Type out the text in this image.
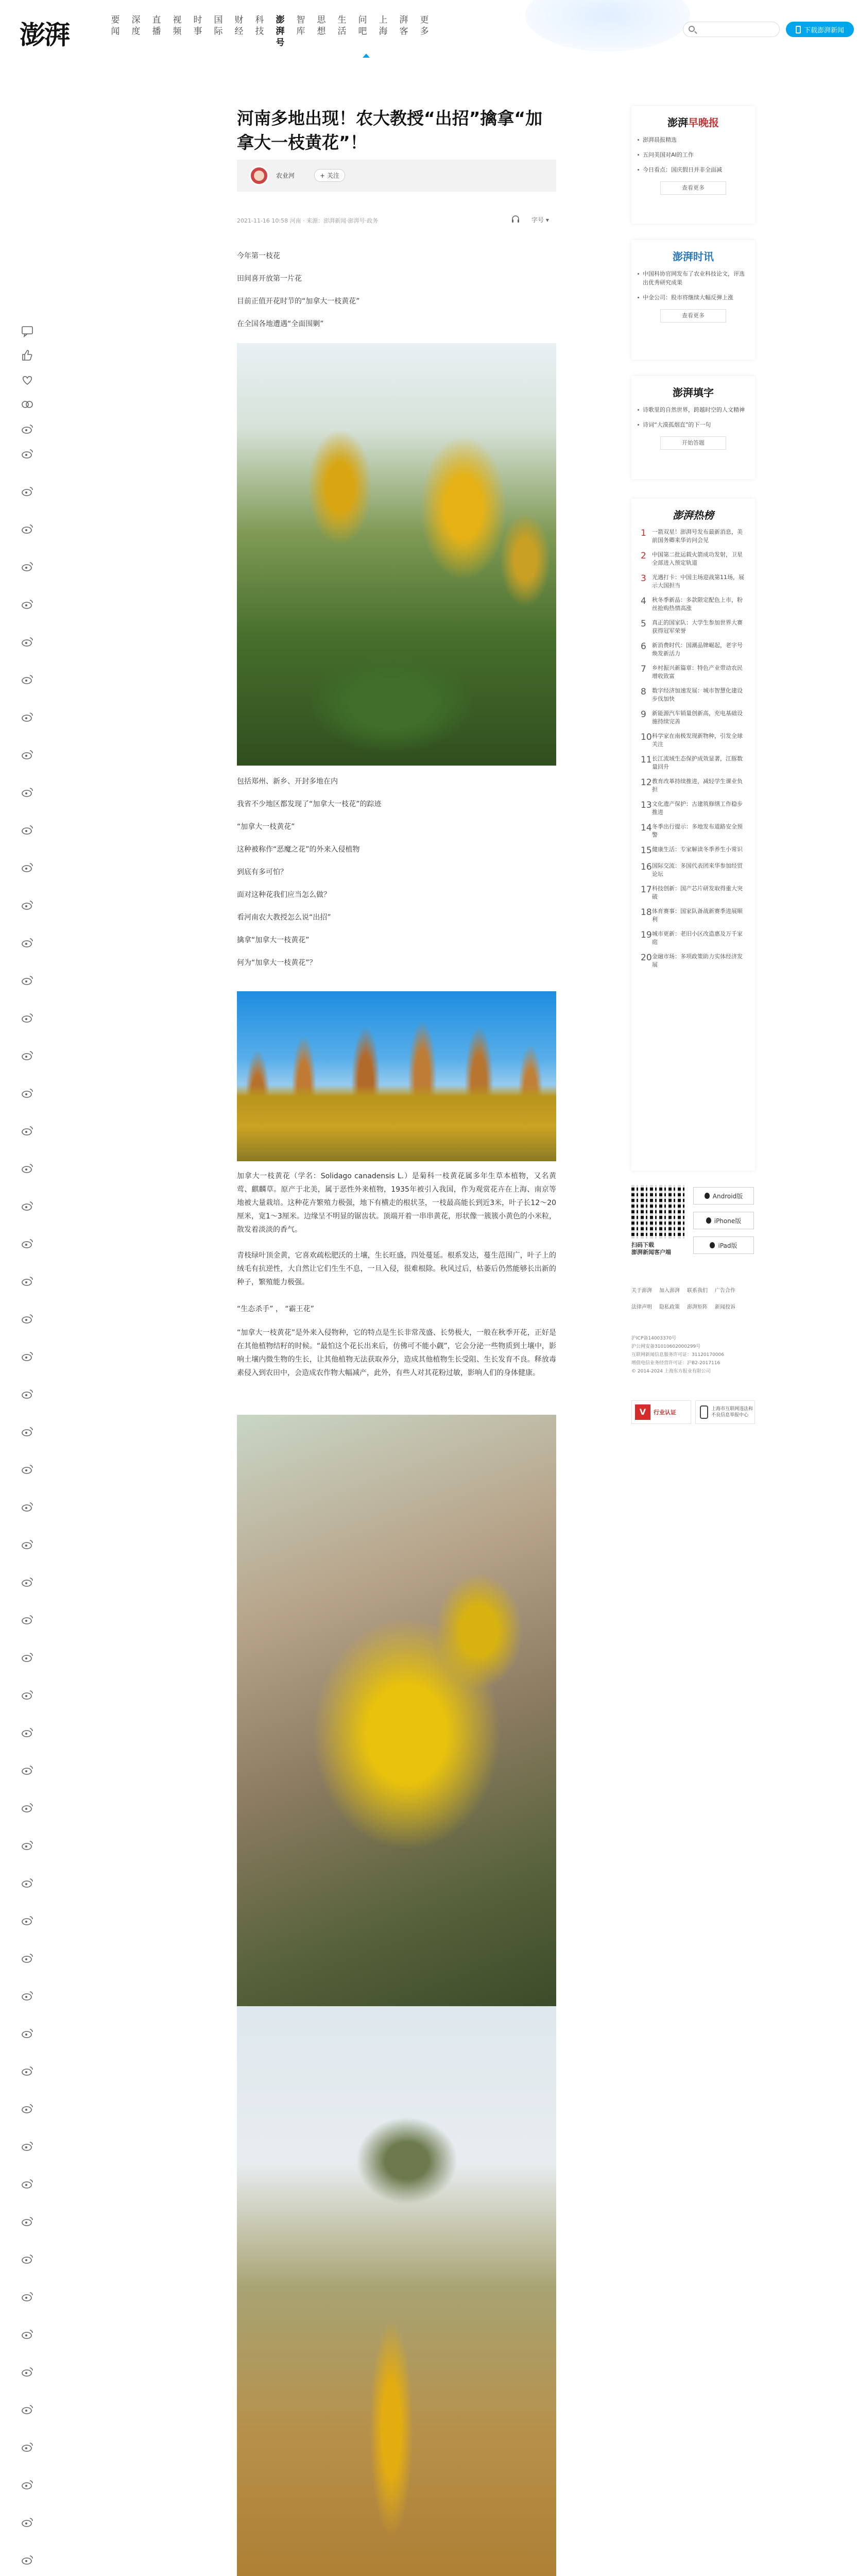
澎湃	要闻
深度
直播
视频
时事
国际
财经
科技
澎湃号
智库
思想
生活
问吧
上海
湃客
更多	下载澎湃新闻
河南多地出现！农大教授“出招”擒拿“加拿大一枝黄花”！
农业河	+ 关注
2021-11-16 10:58 河南 · 来源：澎湃新闻·澎湃号·政务	字号 ▾
今年第一枝花
田间喜开放第一片花
目前正值开花时节的“加拿大一枝黄花”
在全国各地遭遇“全面围剿”
包括郑州、新乡、开封多地在内
我省不少地区都发现了“加拿大一枝花”的踪迹
“加拿大一枝黄花”
这种被称作“恶魔之花”的外来入侵植物
到底有多可怕？
面对这种花我们应当怎么做？
看河南农大教授怎么说“出招”
擒拿“加拿大一枝黄花”
何为“加拿大一枝黄花”？
加拿大一枝黄花（学名：Solidago canadensis L.）是菊科一枝黄花属多年生草本植物，又名黄莺、麒麟草。原产于北美，属于恶性外来植物，1935年被引入我国，作为观赏花卉在上海、南京等地被大量栽培。这种花卉繁殖力极强，地下有横走的根状茎，一枝最高能长到近3米，叶子长12～20厘米，宽1～3厘米。边缘呈不明显的锯齿状。顶端开着一串串黄花，形状像一簇簇小黄色的小米粒，散发着淡淡的香气。
青枝绿叶顶金黄，它喜欢疏松肥沃的土壤，生长旺盛，四处蔓延。根系发达，蔓生范围广，叶子上的绒毛有抗逆性，大自然让它们生生不息，一旦入侵，很难根除。秋风过后，枯萎后仍然能够长出新的种子，繁殖能力极强。
“生态杀手” ， “霸王花”
“加拿大一枝黄花”是外来入侵物种，它的特点是生长非常茂盛、长势极大，一般在秋季开花，正好是在其他植物结籽的时候。“最怕这个花长出来后，仿佛可不能小觑”，它会分泌一些物质到土壤中，影响土壤内微生物的生长，让其他植物无法获取养分，造成其他植物生长受阻、生长发育不良。释放毒素侵入到农田中，会造成农作物大幅减产，此外，有些人对其花粉过敏，影响人们的身体健康。
澎湃早晚报
澎湃晨报精选
五问美国对AI的工作
今日看点：国庆假日并非全面减
查看更多
澎湃时讯
中国科协官网发布了农业科技论文，评选出优秀研究成果
中金公司：股市将继续大幅反弹上涨
查看更多
澎湃填字
诗歌里的自然世界，跨越时空的人文精神
诗词“大漠孤烟直”的下一句
开始答题
澎湃热榜
1	一箭双星！澎湃号发布最新消息，美前国务卿来华访问会见
2	中国第二批运载火箭成功发射，卫星全部进入预定轨道
3	光遇打卡：中国主场迎战第11场，展示大国担当
4	秋冬季新品：多款限定配色上市，粉丝抢购热情高涨
5	真正的国家队：大学生参加世界大赛获得冠军荣誉
6	新消费时代：国潮品牌崛起，老字号焕发新活力
7	乡村振兴新篇章：特色产业带动农民增收致富
8	数字经济加速发展：城市智慧化建设步伐加快
9	新能源汽车销量创新高，充电基础设施持续完善
10 科学家在南极发现新物种，引发全球关注
11 长江流域生态保护成效显著，江豚数量回升
12 教育改革持续推进，减轻学生课业负担
13 文化遗产保护：古建筑修缮工作稳步推进
14 冬季出行提示：多地发布道路安全预警
15 健康生活：专家解读冬季养生小常识
16 国际交流：多国代表团来华参加经贸论坛
17 科技创新：国产芯片研发取得重大突破
18 体育赛事：国家队备战新赛季进展顺利
19 城市更新：老旧小区改造惠及万千家庭
20 金融市场：多项政策助力实体经济发展
扫码下载
澎湃新闻客户端
Android版
iPhone版
iPad版
关于澎湃 加入澎湃 联系我们 广告合作
法律声明 隐私政策 澎湃矩阵 新闻投诉
沪ICP备14003370号
沪公网安备31010602000299号
互联网新闻信息服务许可证：31120170006
增值电信业务经营许可证：沪B2-2017116
© 2014-2024 上海东方报业有限公司
V	行业认证	上海市互联网违法和不良信息举报中心
